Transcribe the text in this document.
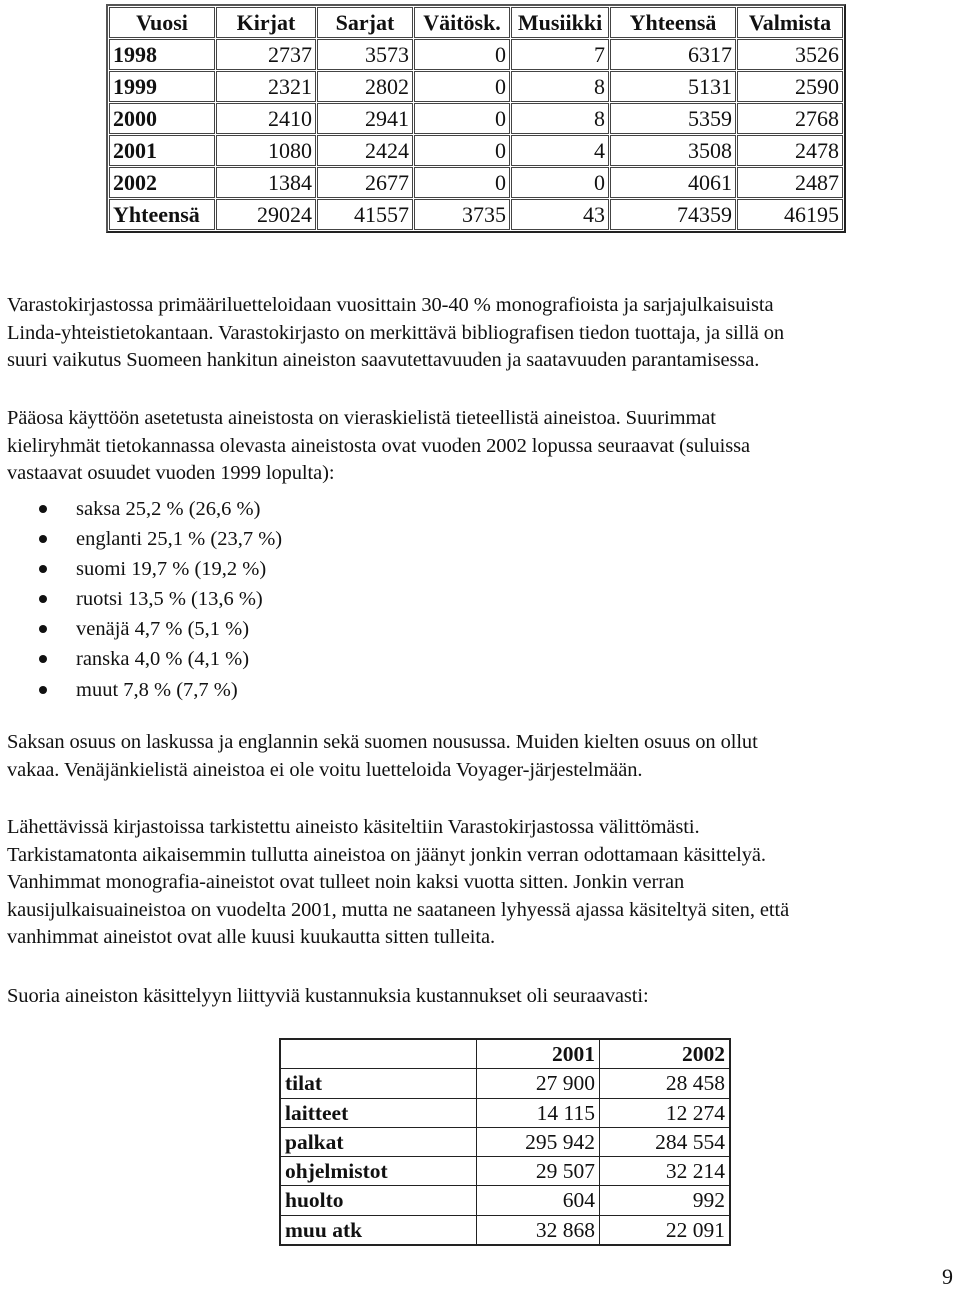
Vuosi	Kirjat	Sarjat	Väitösk.	Musiikki	Yhteensä	Valmista
1998	2737	3573	0	7	6317	3526
1999	2321	2802	0	8	5131	2590
2000	2410	2941	0	8	5359	2768
2001	1080	2424	0	4	3508	2478
2002	1384	2677	0	0	4061	2487
Yhteensä	29024	41557	3735	43	74359	46195

Varastokirjastossa primääriluetteloidaan vuosittain 30-40 % monografioista ja sarjajulkaisuista
Linda-yhteistietokantaan. Varastokirjasto on merkittävä bibliografisen tiedon tuottaja, ja sillä on
suuri vaikutus Suomeen hankitun aineiston saavutettavuuden ja saatavuuden parantamisessa.

Pääosa käyttöön asetetusta aineistosta on vieraskielistä tieteellistä aineistoa. Suurimmat
kieliryhmät tietokannassa olevasta aineistosta ovat vuoden 2002 lopussa seuraavat (suluissa
vastaavat osuudet vuoden 1999 lopulta):

saksa 25,2 % (26,6 %)
englanti 25,1 % (23,7 %)
suomi 19,7 % (19,2 %)
ruotsi 13,5 % (13,6 %)
venäjä 4,7 % (5,1 %)
ranska 4,0 % (4,1 %)
muut 7,8 % (7,7 %)

Saksan osuus on laskussa ja englannin sekä suomen nousussa. Muiden kielten osuus on ollut
vakaa. Venäjänkielistä aineistoa ei ole voitu luetteloida Voyager-järjestelmään.

Lähettävissä kirjastoissa tarkistettu aineisto käsiteltiin Varastokirjastossa välittömästi.
Tarkistamatonta aikaisemmin tullutta aineistoa on jäänyt jonkin verran odottamaan käsittelyä.
Vanhimmat monografia-aineistot ovat tulleet noin kaksi vuotta sitten. Jonkin verran
kausijulkaisuaineistoa on vuodelta 2001, mutta ne saataneen lyhyessä ajassa käsiteltyä siten, että
vanhimmat aineistot ovat alle kuusi kuukautta sitten tulleita.

Suoria aineiston käsittelyyn liittyviä kustannuksia kustannukset oli seuraavasti:

	2001	2002
tilat	27 900	28 458
laitteet	14 115	12 274
palkat	295 942	284 554
ohjelmistot	29 507	32 214
huolto	604	992
muu atk	32 868	22 091
9
